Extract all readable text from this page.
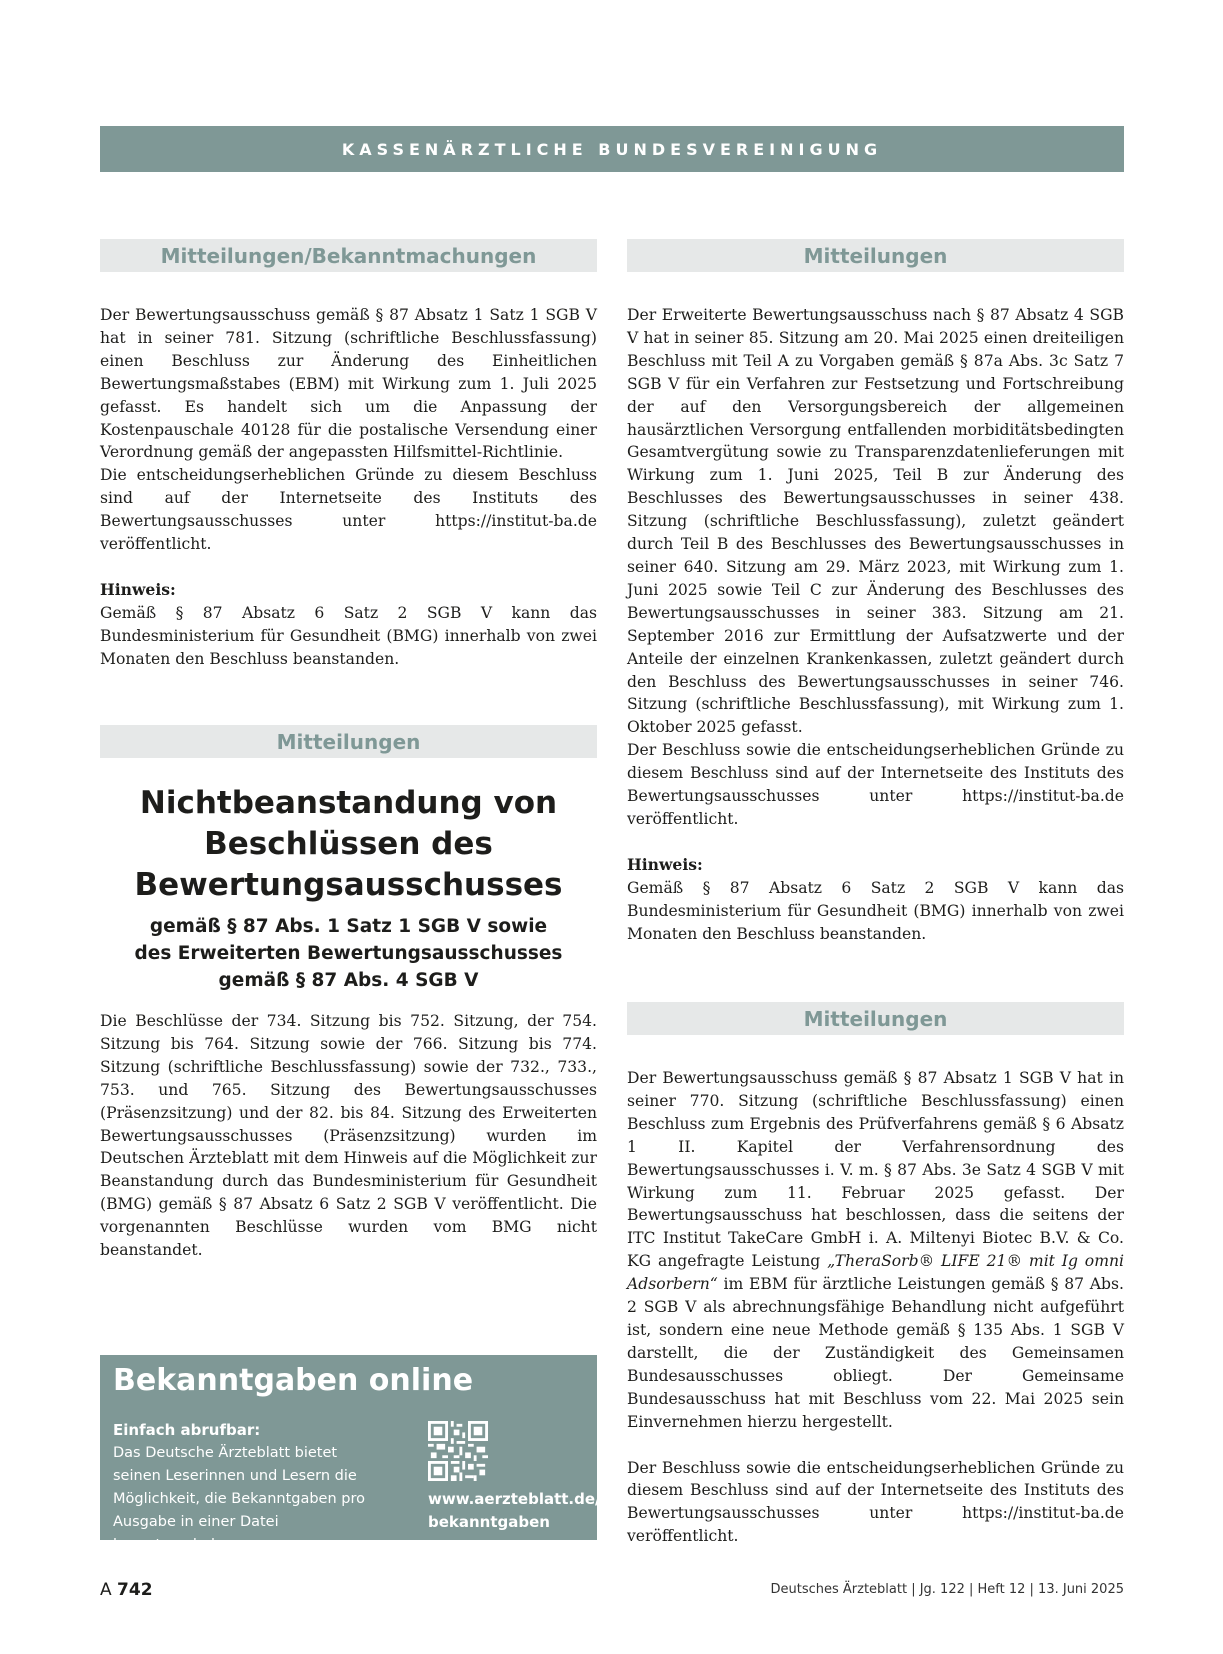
KASSENÄRZTLICHE BUNDESVEREINIGUNG
Mitteilungen/Bekanntmachungen

Der Bewertungsausschuss gemäß § 87 Absatz 1 Satz 1 SGB V hat in seiner 781. Sitzung (schriftliche Beschlussfassung) einen Beschluss zur Änderung des Einheitlichen Bewertungsmaßstabes (EBM) mit Wirkung zum 1. Juli 2025 gefasst. Es handelt sich um die Anpassung der Kostenpauschale 40128 für die postalische Versendung einer Verordnung gemäß der angepassten Hilfsmittel-Richtlinie.

Die entscheidungserheblichen Gründe zu diesem Beschluss sind auf der Internetseite des Instituts des Bewertungsausschusses unter https://institut-ba.de veröffentlicht.

Hinweis:

Gemäß § 87 Absatz 6 Satz 2 SGB V kann das Bundesministerium für Gesundheit (BMG) innerhalb von zwei Monaten den Beschluss beanstanden.

Mitteilungen

Nichtbeanstandung von

Beschlüssen des

Bewertungsausschusses

gemäß § 87 Abs. 1 Satz 1 SGB V sowie

des Erweiterten Bewertungsausschusses

gemäß § 87 Abs. 4 SGB V

Die Beschlüsse der 734. Sitzung bis 752. Sitzung, der 754. Sitzung bis 764. Sitzung sowie der 766. Sitzung bis 774. Sitzung (schriftliche Beschlussfassung) sowie der 732., 733., 753. und 765. Sitzung des Bewertungsausschusses (Präsenzsitzung) und der 82. bis 84. Sitzung des Erweiterten Bewertungsausschusses (Präsenzsitzung) wurden im Deutschen Ärzteblatt mit dem Hinweis auf die Möglichkeit zur Beanstandung durch das Bundesministerium für Gesundheit (BMG) gemäß § 87 Absatz 6 Satz 2 SGB V veröffentlicht. Die vorgenannten Beschlüsse wurden vom BMG nicht beanstandet.

Bekanntgaben online
Einfach abrufbar:
Das Deutsche Ärzteblatt bietet seinen Leserinnen und Lesern die Möglichkeit, die Bekanntgaben pro Ausgabe in einer Datei herunterzuladen:
www.aerzteblatt.de/
bekanntgaben
Mitteilungen

Der Erweiterte Bewertungsausschuss nach § 87 Absatz 4 SGB V hat in seiner 85. Sitzung am 20. Mai 2025 einen dreiteiligen Beschluss mit Teil A zu Vorgaben gemäß § 87a Abs. 3c Satz 7 SGB V für ein Verfahren zur Festsetzung und Fortschreibung der auf den Versorgungsbereich der allgemeinen hausärztlichen Versorgung entfallenden morbiditätsbedingten Gesamtvergütung sowie zu Transparenzdatenlieferungen mit Wirkung zum 1. Juni 2025, Teil B zur Änderung des Beschlusses des Bewertungsausschusses in seiner 438. Sitzung (schriftliche Beschlussfassung), zuletzt geändert durch Teil B des Beschlusses des Bewertungsausschusses in seiner 640. Sitzung am 29. März 2023, mit Wirkung zum 1. Juni 2025 sowie Teil C zur Änderung des Beschlusses des Bewertungsausschusses in seiner 383. Sitzung am 21. September 2016 zur Ermittlung der Aufsatzwerte und der Anteile der einzelnen Krankenkassen, zuletzt geändert durch den Beschluss des Bewertungsausschusses in seiner 746. Sitzung (schriftliche Beschlussfassung), mit Wirkung zum 1. Oktober 2025 gefasst.

Der Beschluss sowie die entscheidungserheblichen Gründe zu diesem Beschluss sind auf der Internetseite des Instituts des Bewertungsausschusses unter https://institut-ba.de veröffentlicht.

Hinweis:

Gemäß § 87 Absatz 6 Satz 2 SGB V kann das Bundesministerium für Gesundheit (BMG) innerhalb von zwei Monaten den Beschluss beanstanden.

Mitteilungen

Der Bewertungsausschuss gemäß § 87 Absatz 1 SGB V hat in seiner 770. Sitzung (schriftliche Beschlussfassung) einen Beschluss zum Ergebnis des Prüfverfahrens gemäß § 6 Absatz 1 II. Kapitel der Verfahrensordnung des Bewertungsausschusses i. V. m. § 87 Abs. 3e Satz 4 SGB V mit Wirkung zum 11. Februar 2025 gefasst. Der Bewertungsausschuss hat beschlossen, dass die seitens der ITC Institut TakeCare GmbH i. A. Miltenyi Biotec B.V. & Co. KG angefragte Leistung „TheraSorb® LIFE 21® mit Ig omni Adsorbern“ im EBM für ärztliche Leistungen gemäß § 87 Abs. 2 SGB V als abrechnungsfähige Behandlung nicht aufgeführt ist, sondern eine neue Methode gemäß § 135 Abs. 1 SGB V darstellt, die der Zuständigkeit des Gemeinsamen Bundesausschusses obliegt. Der Gemeinsame Bundesausschuss hat mit Beschluss vom 22. Mai 2025 sein Einvernehmen hierzu hergestellt.

Der Beschluss sowie die entscheidungserheblichen Gründe zu diesem Beschluss sind auf der Internetseite des Instituts des Bewertungsausschusses unter https://institut-ba.de veröffentlicht.

A 742	Deutsches Ärzteblatt | Jg. 122 | Heft 12 | 13. Juni 2025
